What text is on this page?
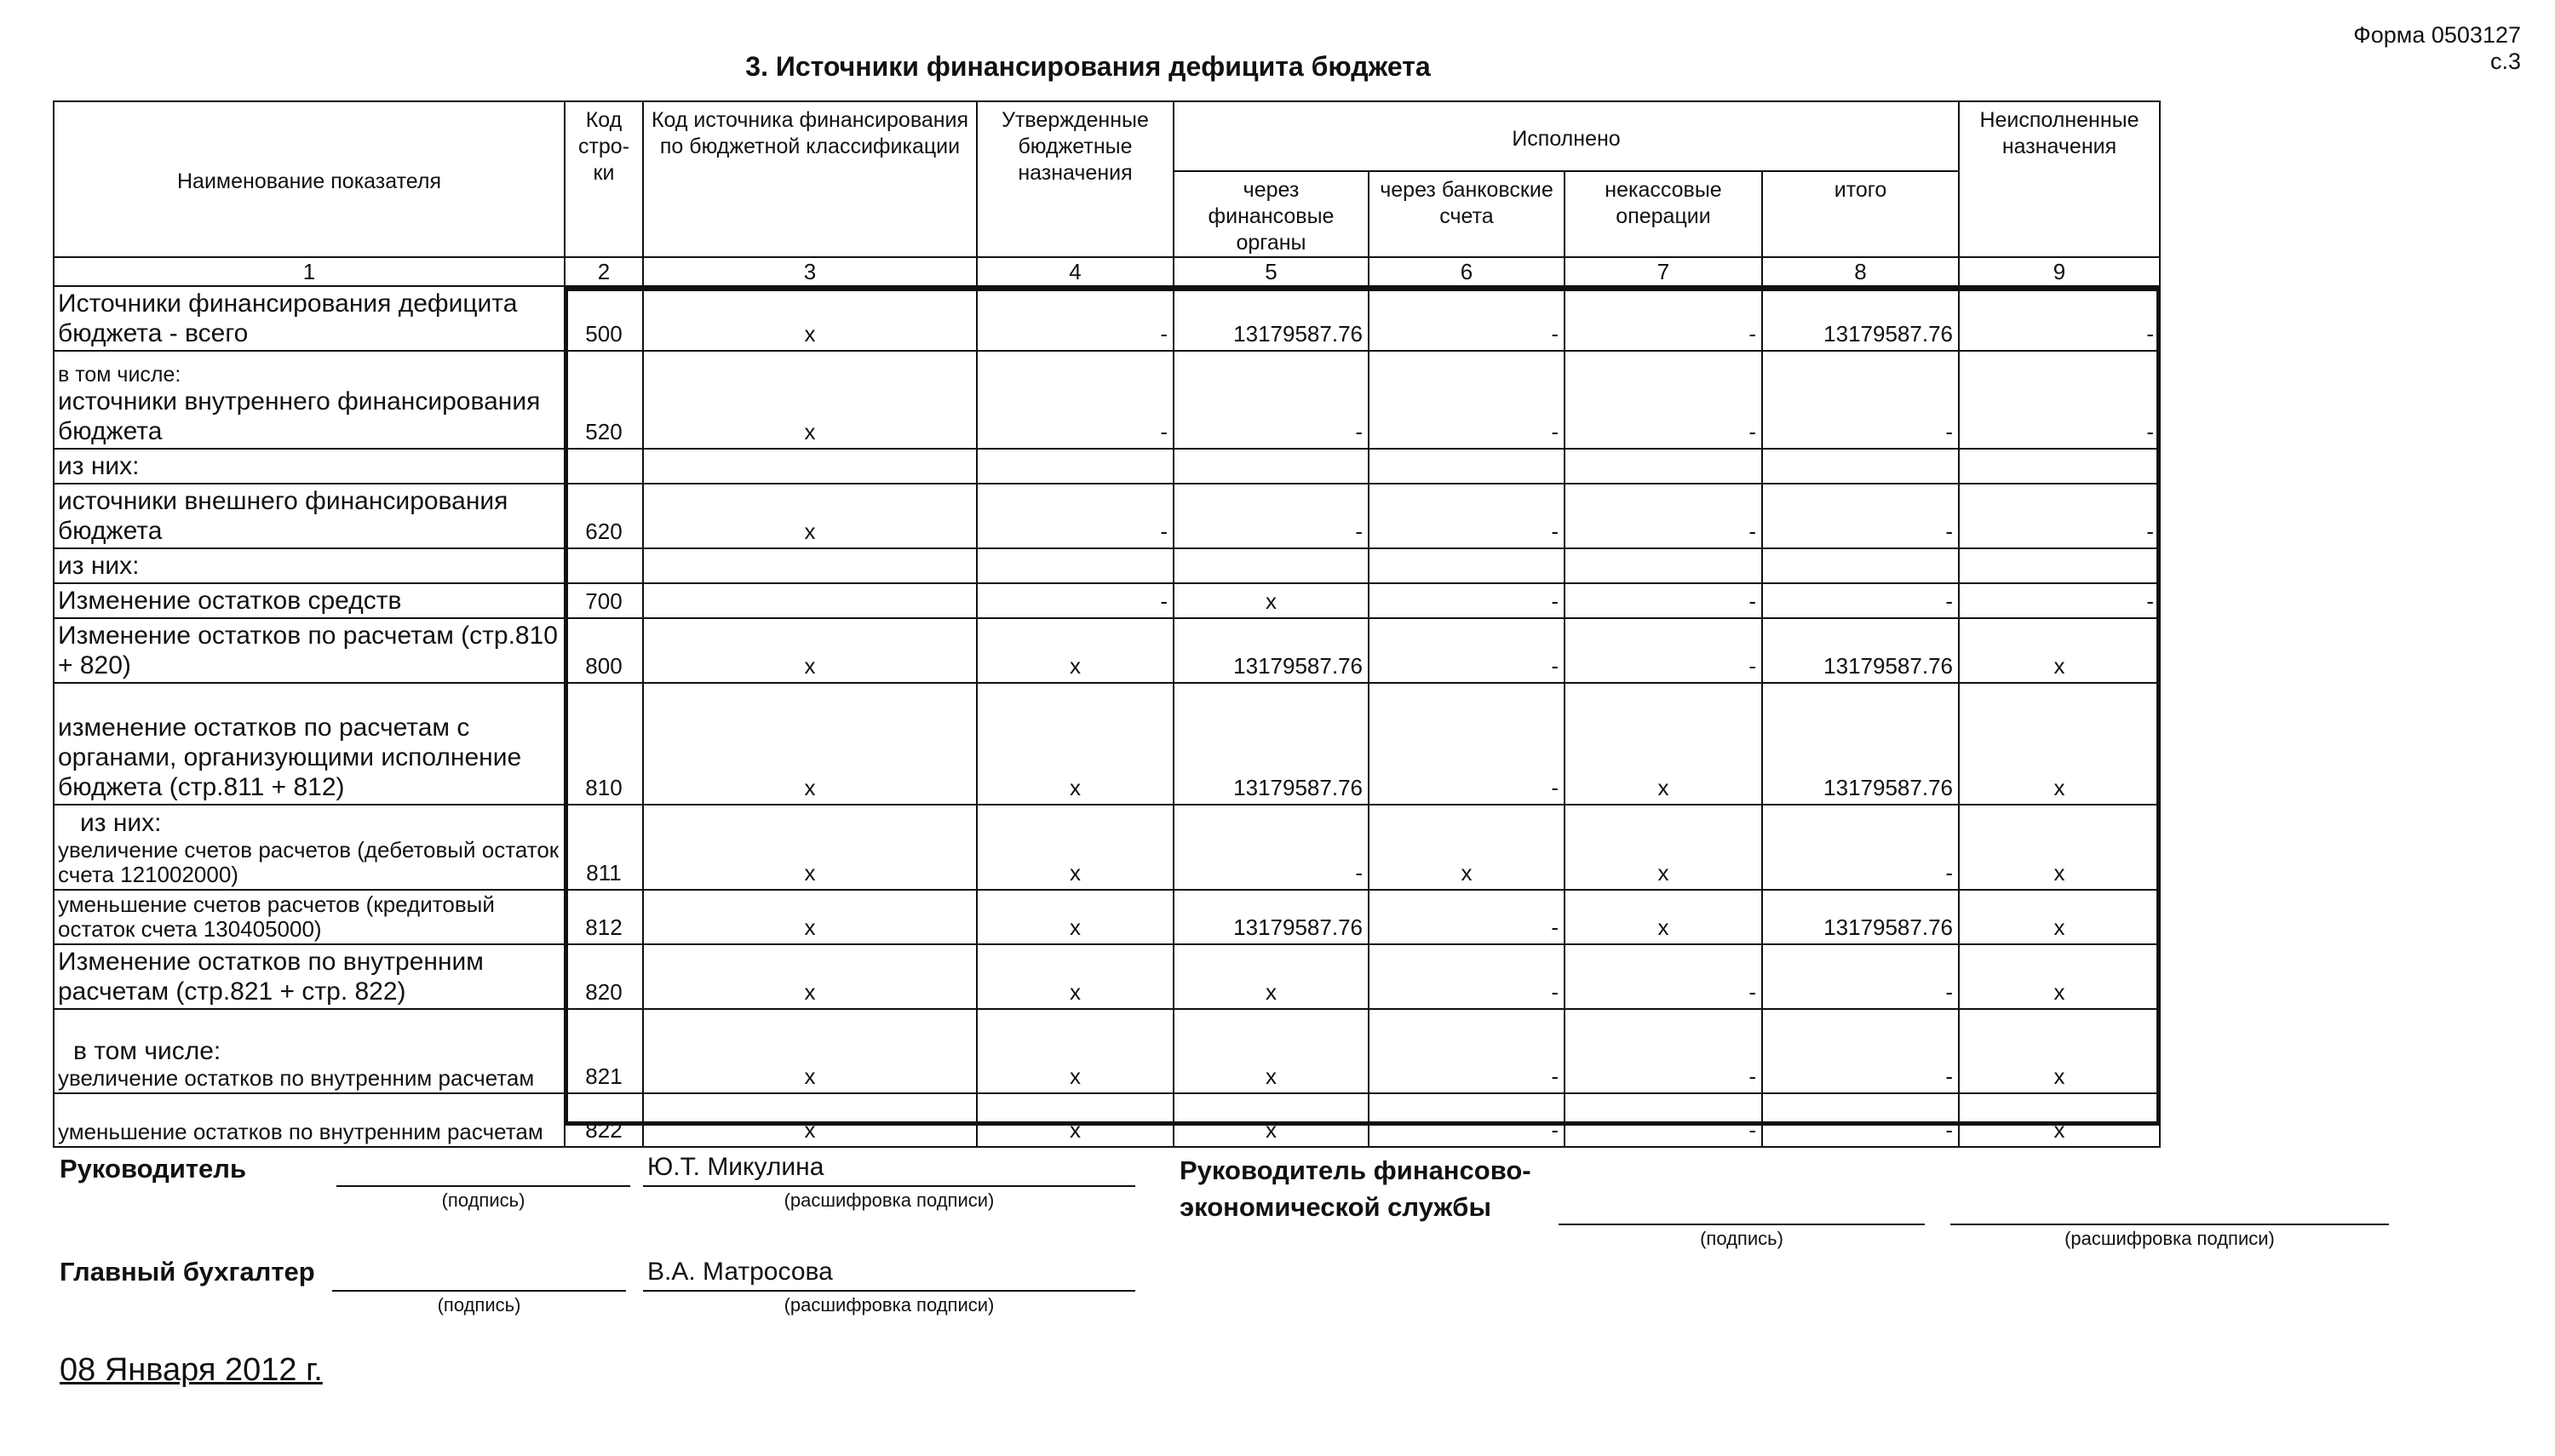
Форма 0503127 с.3
3. Источники финансирования дефицита бюджета
Наименование показателя	Код стро- ки	Код источника финансирования по бюджетной классификации	Утвержденные бюджетные назначения	Исполнено				Неисполненные назначения
				через финансовые органы	через банковские счета	некассовые операции	итого	
1	2	3	4	5	6	7	8	9
Источники финансирования дефицита бюджета - всего	500	x	-	13179587.76	-	-	13179587.76	-

в том числе:
источники внутреннего финансирования бюджета	520	x	-	-	-	-	-	-
из них:								
источники внешнего финансирования бюджета	620	x	-	-	-	-	-	-
из них:								
Изменение остатков средств	700		-	x	-	-	-	-
Изменение остатков по расчетам (стр.810 + 820)	800	x	x	13179587.76	-	-	13179587.76	x
изменение остатков по расчетам с органами, организующими исполнение бюджета (стр.811 + 812)	810	x	x	13179587.76	-	x	13179587.76	x

из них:
увеличение счетов расчетов (дебетовый остаток счета 121002000)	811	x	x	-	x	x	-	x
уменьшение счетов расчетов (кредитовый остаток счета 130405000)	812	x	x	13179587.76	-	x	13179587.76	x
Изменение остатков по внутренним расчетам (стр.821 + стр. 822)	820	x	x	x	-	-	-	x

в том числе:
увеличение остатков по внутренним расчетам	821	x	x	x	-	-	-	x
уменьшение остатков по внутренним расчетам	822	x	x	x	-	-	-	x
Руководитель
(подпись)
Ю.Т. Микулина
(расшифровка подписи)
Руководитель финансово-
экономической службы
(подпись)	(расшифровка подписи)
Главный бухгалтер
(подпись)
В.А. Матросова
(расшифровка подписи)
08 Января 2012 г.
